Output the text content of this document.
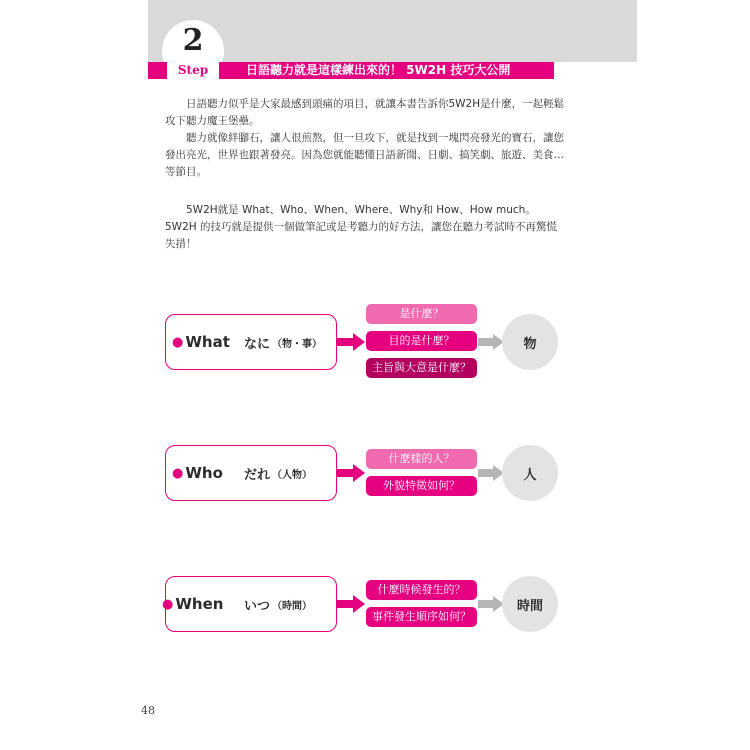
2
Step	日語聽力就是這樣練出來的！ 5W2H 技巧大公開

日語聽力似乎是大家最感到頭痛的項目，就讓本書告訴你5W2H是什麼，一起輕鬆攻下聽力魔王堡壘。

聽力就像絆腳石，讓人很煎熬，但一旦攻下，就是找到一塊閃亮發光的寶石，讓您發出亮光，世界也跟著發亮。因為您就能聽懂日語新聞、日劇、搞笑劇、旅遊、美食…等節目。

5W2H就是 What、Who、When、Where、Why和 How、How much。5W2H 的技巧就是提供一個做筆記或是考聽力的好方法，讓您在聽力考試時不再驚慌失措！

● What なに （物・事）
是什麼？
目的是什麼？
主旨與大意是什麼？
物
● Who だれ （人物）
什麼樣的人？
外貌特徵如何？
人
● When いつ （時間）
什麼時候發生的？
事件發生順序如何？
時間
48
